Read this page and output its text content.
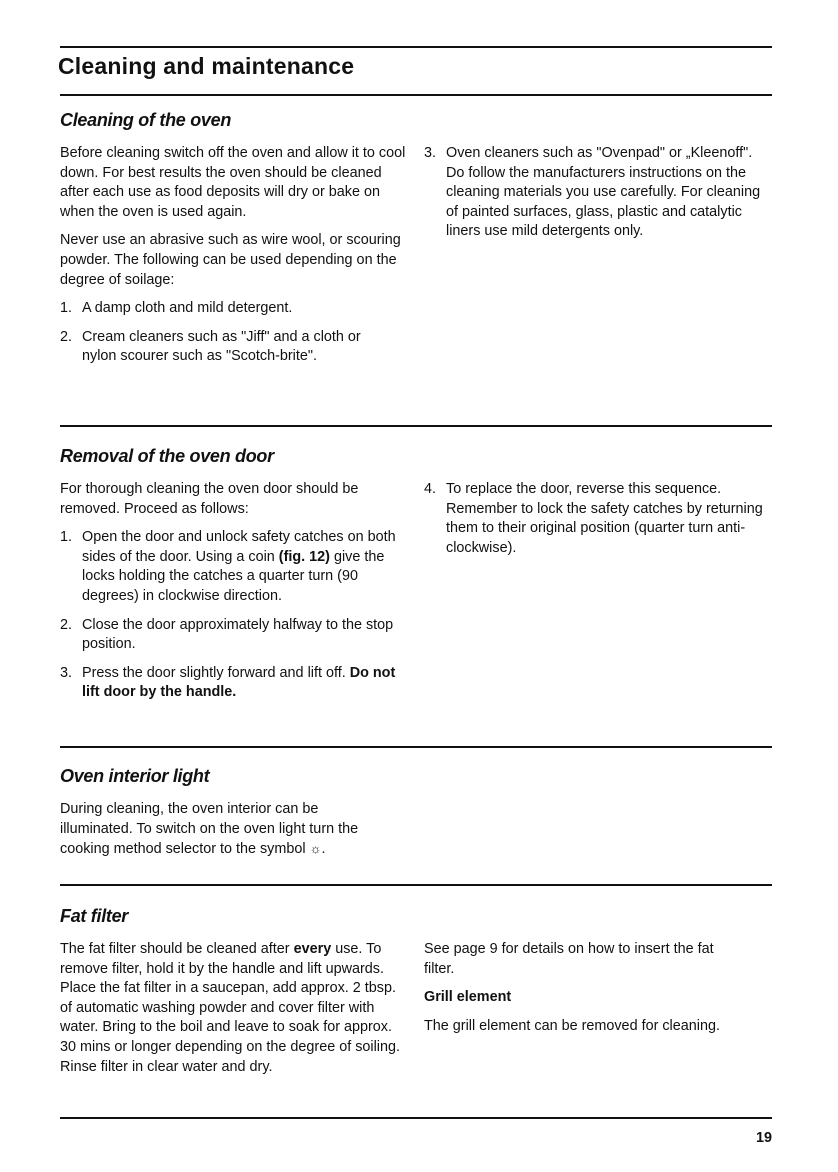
Cleaning and maintenance
Cleaning of the oven

Before cleaning switch off the oven and allow it to cool down. For best results the oven should be cleaned after each use as food deposits will dry or bake on when the oven is used again.

Never use an abrasive such as wire wool, or scouring powder. The following can be used depending on the degree of soilage:

1. A damp cloth and mild detergent.
2. Cream cleaners such as "Jiff" and a cloth or nylon scourer such as "Scotch-brite".
3. Oven cleaners such as "Ovenpad" or „Kleenoff". Do follow the manufacturers instructions on the cleaning materials you use carefully. For cleaning of painted surfaces, glass, plastic and catalytic liners use mild detergents only.
Removal of the oven door

For thorough cleaning the oven door should be removed. Proceed as follows:

1. Open the door and unlock safety catches on both sides of the door. Using a coin (fig. 12) give the locks holding the catches a quarter turn (90 degrees) in clockwise direction.
2. Close the door approximately halfway to the stop position.
3. Press the door slightly forward and lift off. Do not lift door by the handle.
4. To replace the door, reverse this sequence. Remember to lock the safety catches by returning them to their original position (quarter turn anti-clockwise).
Oven interior light

During cleaning, the oven interior can be illuminated. To switch on the oven light turn the cooking method selector to the symbol ☼.

Fat filter

The fat filter should be cleaned after every use. To remove filter, hold it by the handle and lift upwards. Place the fat filter in a saucepan, add approx. 2 tbsp. of automatic washing powder and cover filter with water. Bring to the boil and leave to soak for approx. 30 mins or longer depending on the degree of soiling. Rinse filter in clear water and dry.

See page 9 for details on how to insert the fat filter.

Grill element

The grill element can be removed for cleaning.

19
